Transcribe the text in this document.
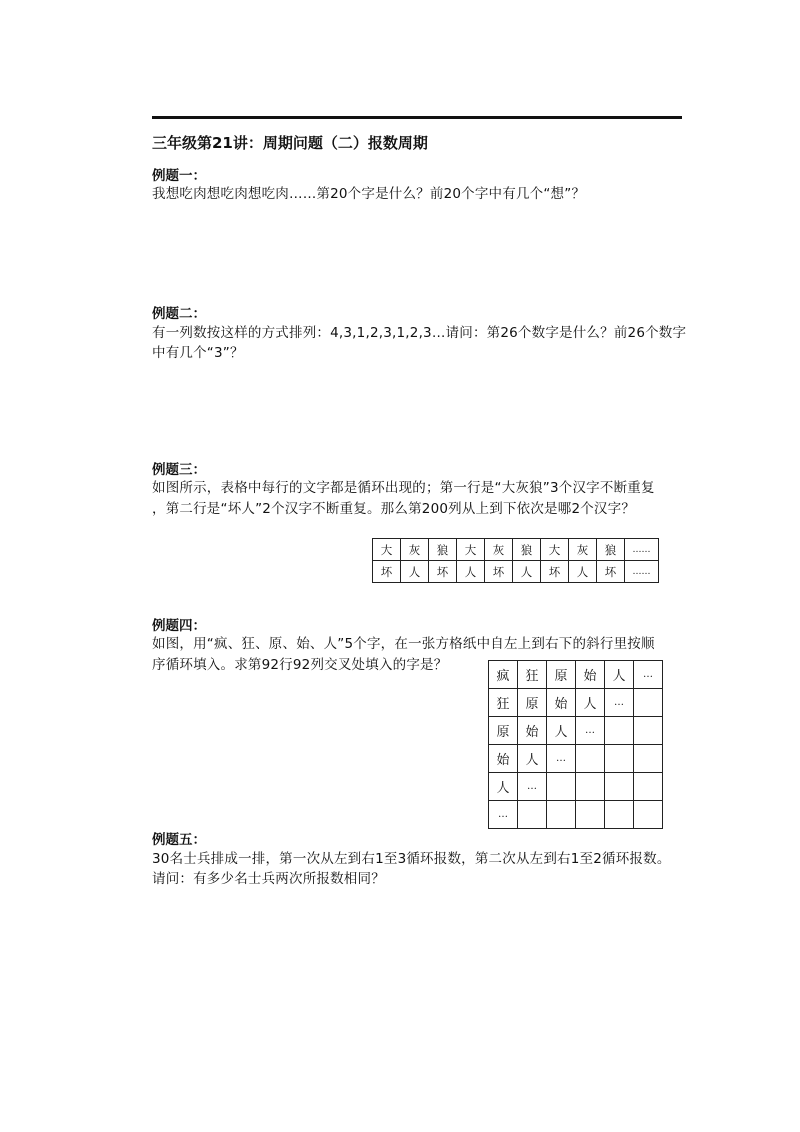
三年级第21讲：周期问题（二）报数周期
例题一：
我想吃肉想吃肉想吃肉……第20个字是什么？前20个字中有几个“想”？
例题二：
有一列数按这样的方式排列：4,3,1,2,3,1,2,3…请问：第26个数字是什么？前26个数字
中有几个“3”？
例题三：
如图所示，表格中每行的文字都是循环出现的；第一行是“大灰狼”3个汉字不断重复
，第二行是“坏人”2个汉字不断重复。那么第200列从上到下依次是哪2个汉字？
大	灰	狼	大	灰	狼	大	灰	狼	……
坏	人	坏	人	坏	人	坏	人	坏	……
例题四：
如图，用“疯、狂、原、始、人”5个字，在一张方格纸中自左上到右下的斜行里按顺
序循环填入。求第92行92列交叉处填入的字是？
疯	狂	原	始	人	…
狂	原	始	人	…	
原	始	人	…		
始	人	…			
人	…				
…					
例题五：
30名士兵排成一排，第一次从左到右1至3循环报数，第二次从左到右1至2循环报数。
请问：有多少名士兵两次所报数相同？
